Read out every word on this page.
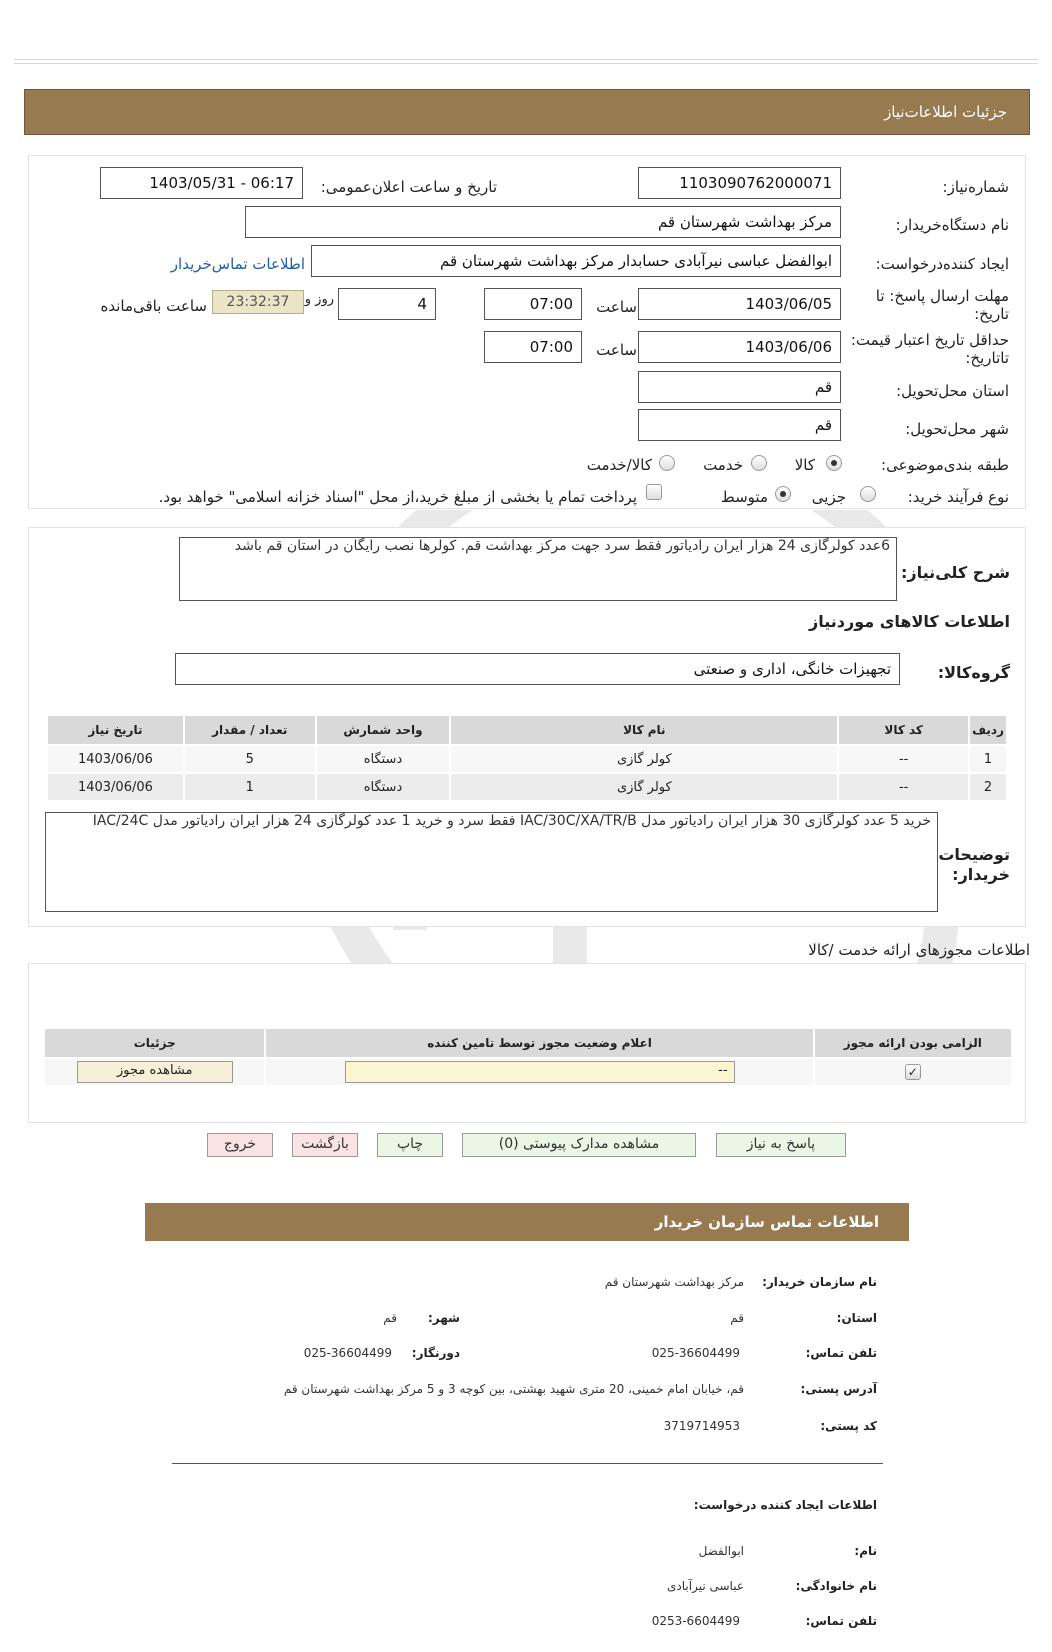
جزئیات اطلاعات‌نیاز
شماره‌نیاز:
1103090762000071
تاریخ و ساعت اعلان‌عمومی:
1403/05/31 - 06:17
نام دستگاه‌خریدار:
مرکز بهداشت شهرستان قم
ایجاد کننده‌درخواست:
ابوالفضل عباسی نیرآبادی حسابدار مرکز بهداشت شهرستان قم
اطلاعات تماس‌خریدار
مهلت ارسال پاسخ: تا تاریخ:
1403/06/05
ساعت
07:00
4
روز و
23:32:37
ساعت باقی‌مانده
حداقل تاریخ اعتبار قیمت: تاتاریخ:
1403/06/06
ساعت
07:00
استان محل‌تحویل:
قم
شهر محل‌تحویل:
قم
طبقه بندی‌موضوعی:
کالا
خدمت
کالا/خدمت
نوع فرآیند خرید:
جزیی
متوسط
پرداخت تمام یا بخشی از مبلغ خرید،از محل "اسناد خزانه اسلامی" خواهد بود.
6عدد کولرگازی 24 هزار ایران رادیاتور فقط سرد جهت مرکز بهداشت قم. کولرها نصب رایگان در استان قم باشد
شرح کلی‌نیاز:
اطلاعات کالاهای موردنیاز
گروه‌کالا:
تجهیزات خانگی، اداری و صنعتی
ردیف	کد کالا	نام کالا	واحد شمارش	تعداد / مقدار	تاریخ نیاز
1	--	کولر گازی	دستگاه	5	1403/06/06
2	--	کولر گازی	دستگاه	1	1403/06/06
خرید 5 عدد کولرگازی 30 هزار ایران رادیاتور مدل IAC/30C/XA/TR/B فقط سرد و خرید 1 عدد کولرگازی 24 هزار ایران رادیاتور مدل IAC/24C
توضیحات خریدار:
اطلاعات مجوزهای ارائه خدمت /کالا
الزامی بودن ارائه مجوز	اعلام وضعیت مجوز توسط تامین کننده	جزئیات
✓	--	مشاهده مجوز
پاسخ به نیاز
مشاهده مدارک پیوستی (0)
چاپ
بازگشت
خروج
اطلاعات تماس سازمان خریدار
نام سازمان خریدار:
مرکز بهداشت شهرستان قم
استان:
قم
شهر:
قم
تلفن تماس:
025-36604499
دورنگار:
025-36604499
آدرس پستی:
قم، خیابان امام خمینی، 20 متری شهید بهشتی، بین کوچه 3 و 5 مرکز بهداشت شهرستان قم
کد پستی:
3719714953
اطلاعات ایجاد کننده درخواست:
نام:
ابوالفضل
نام خانوادگی:
عباسی نیرآبادی
تلفن تماس:
0253-6604499
